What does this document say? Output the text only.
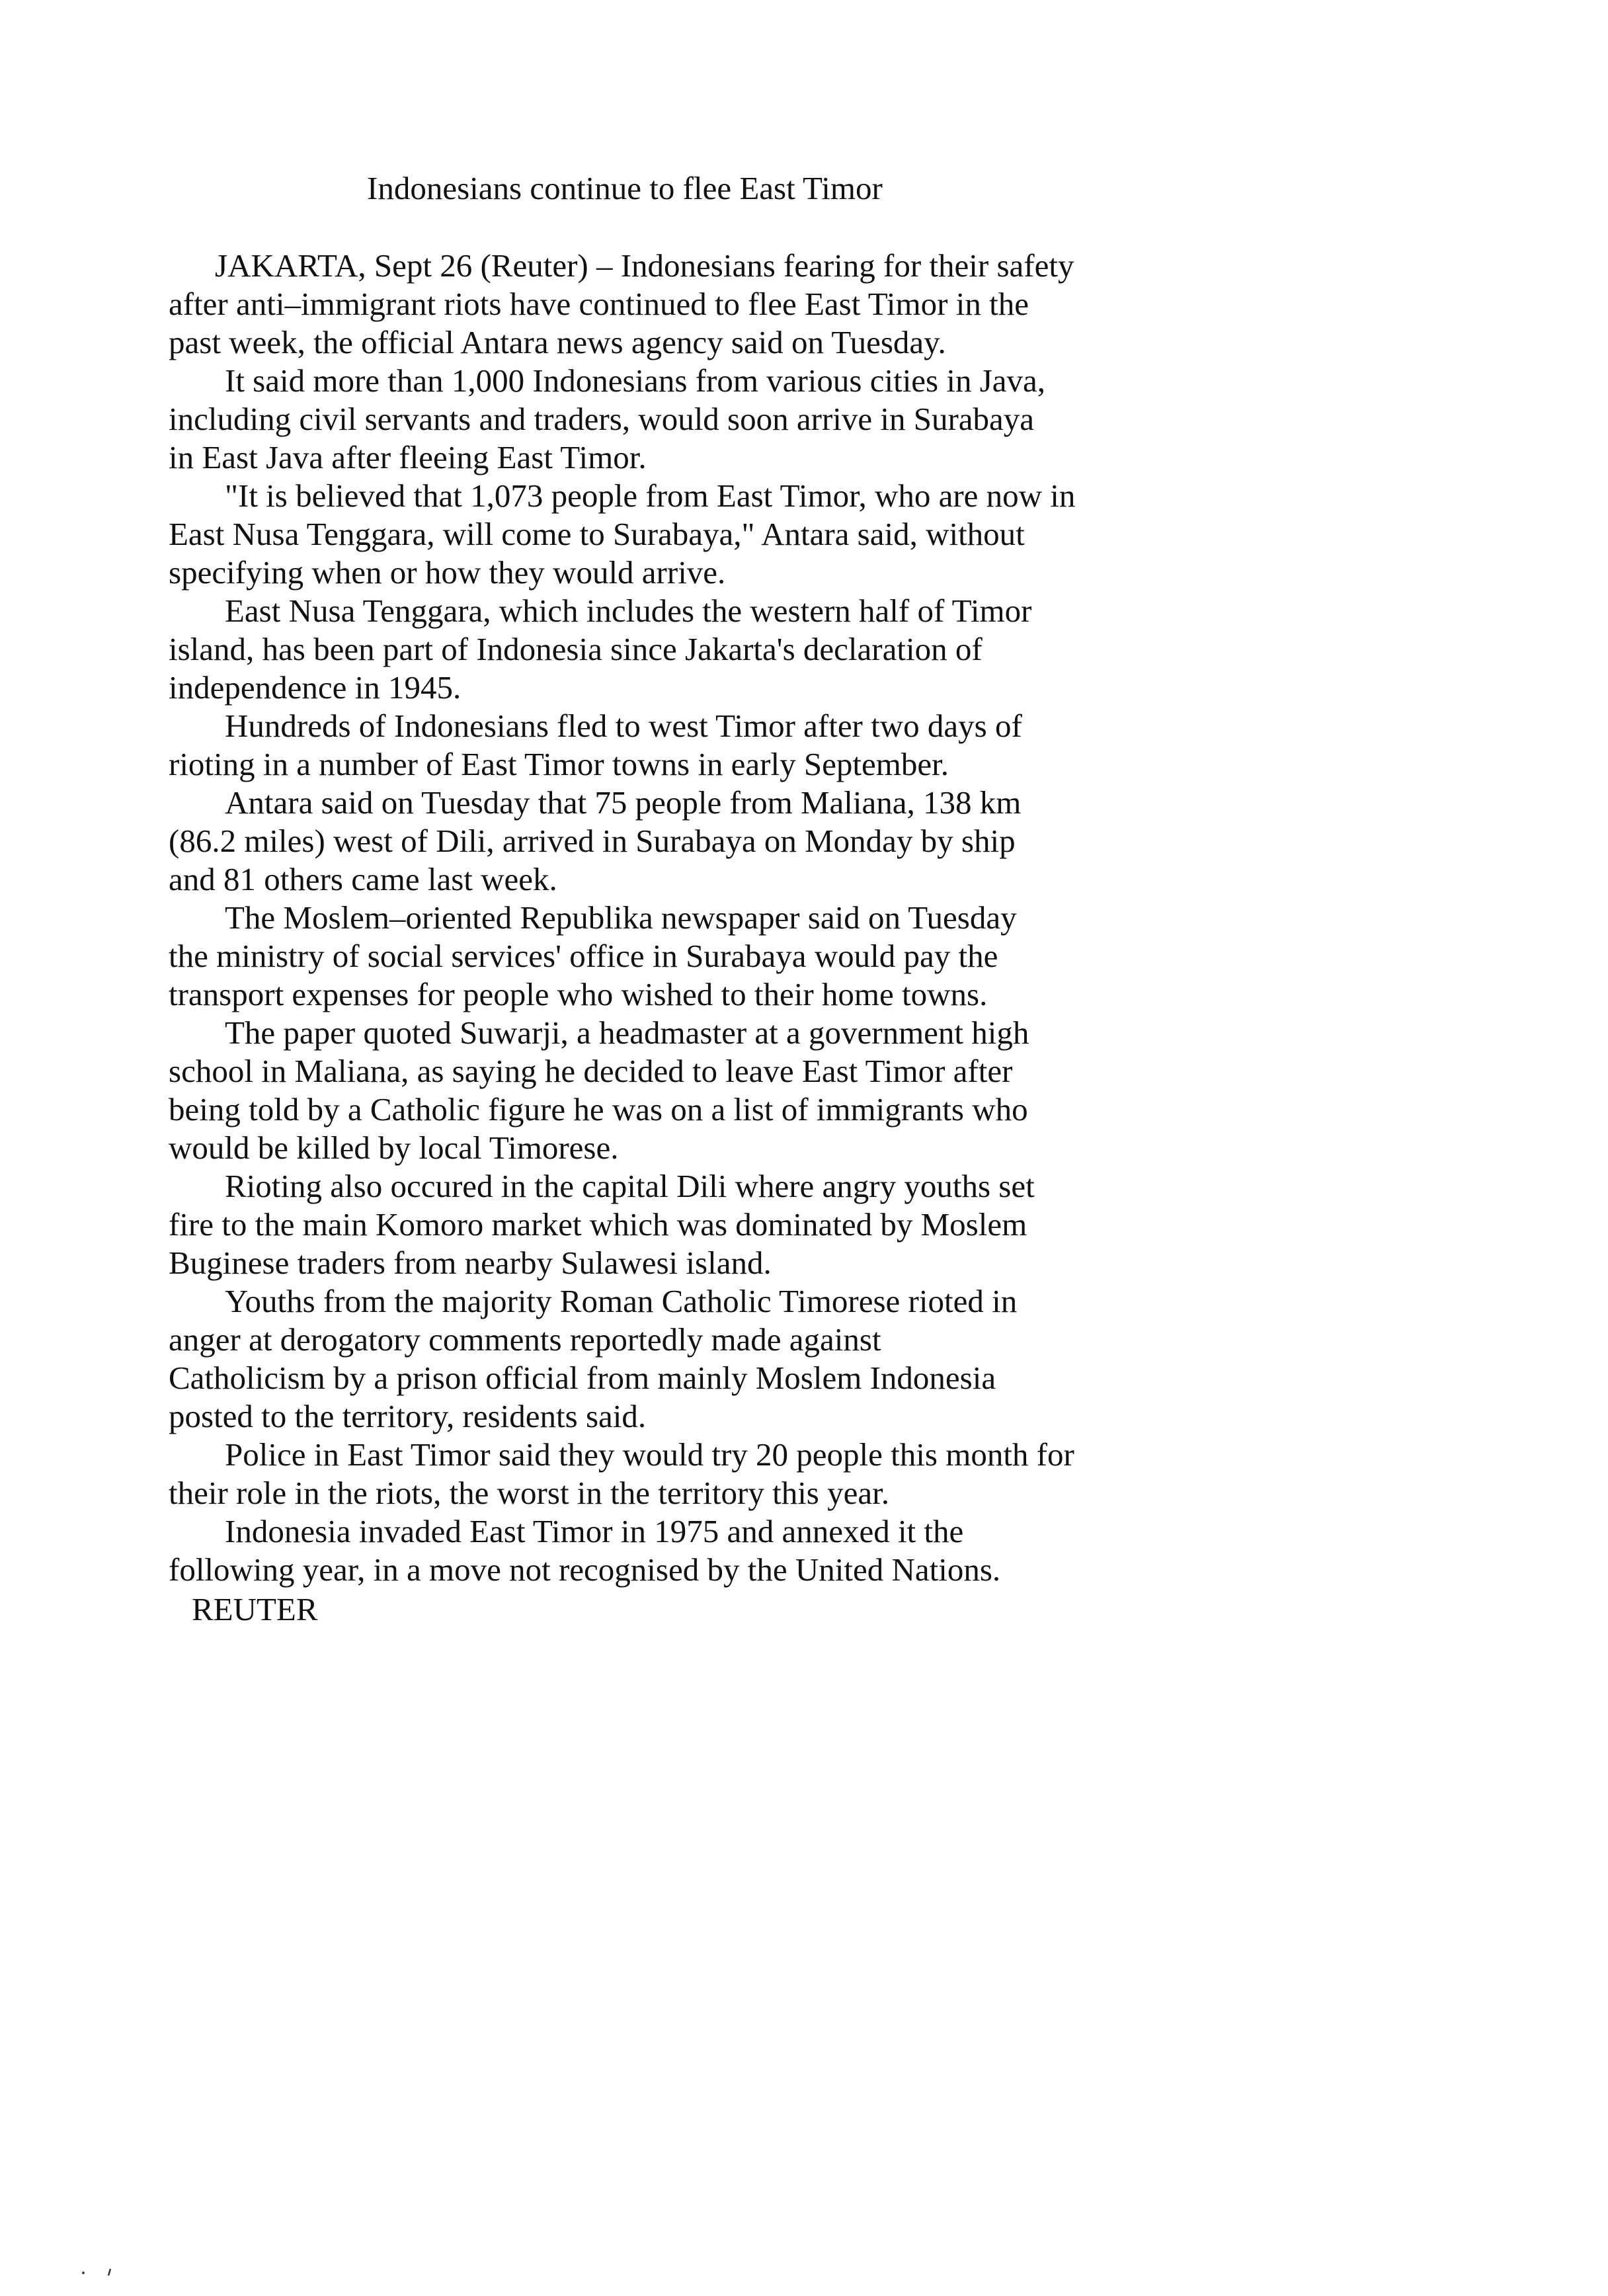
Indonesians continue to flee East Timor
JAKARTA, Sept 26 (Reuter) – Indonesians fearing for their safety
after anti–immigrant riots have continued to flee East Timor in the
past week, the official Antara news agency said on Tuesday.
It said more than 1,000 Indonesians from various cities in Java,
including civil servants and traders, would soon arrive in Surabaya
in East Java after fleeing East Timor.
"It is believed that 1,073 people from East Timor, who are now in
East Nusa Tenggara, will come to Surabaya," Antara said, without
specifying when or how they would arrive.
East Nusa Tenggara, which includes the western half of Timor
island, has been part of Indonesia since Jakarta's declaration of
independence in 1945.
Hundreds of Indonesians fled to west Timor after two days of
rioting in a number of East Timor towns in early September.
Antara said on Tuesday that 75 people from Maliana, 138 km
(86.2 miles) west of Dili, arrived in Surabaya on Monday by ship
and 81 others came last week.
The Moslem–oriented Republika newspaper said on Tuesday
the ministry of social services' office in Surabaya would pay the
transport expenses for people who wished to their home towns.
The paper quoted Suwarji, a headmaster at a government high
school in Maliana, as saying he decided to leave East Timor after
being told by a Catholic figure he was on a list of immigrants who
would be killed by local Timorese.
Rioting also occured in the capital Dili where angry youths set
fire to the main Komoro market which was dominated by Moslem
Buginese traders from nearby Sulawesi island.
Youths from the majority Roman Catholic Timorese rioted in
anger at derogatory comments reportedly made against
Catholicism by a prison official from mainly Moslem Indonesia
posted to the territory, residents said.
Police in East Timor said they would try 20 people this month for
their role in the riots, the worst in the territory this year.
Indonesia invaded East Timor in 1975 and annexed it the
following year, in a move not recognised by the United Nations.
REUTER
